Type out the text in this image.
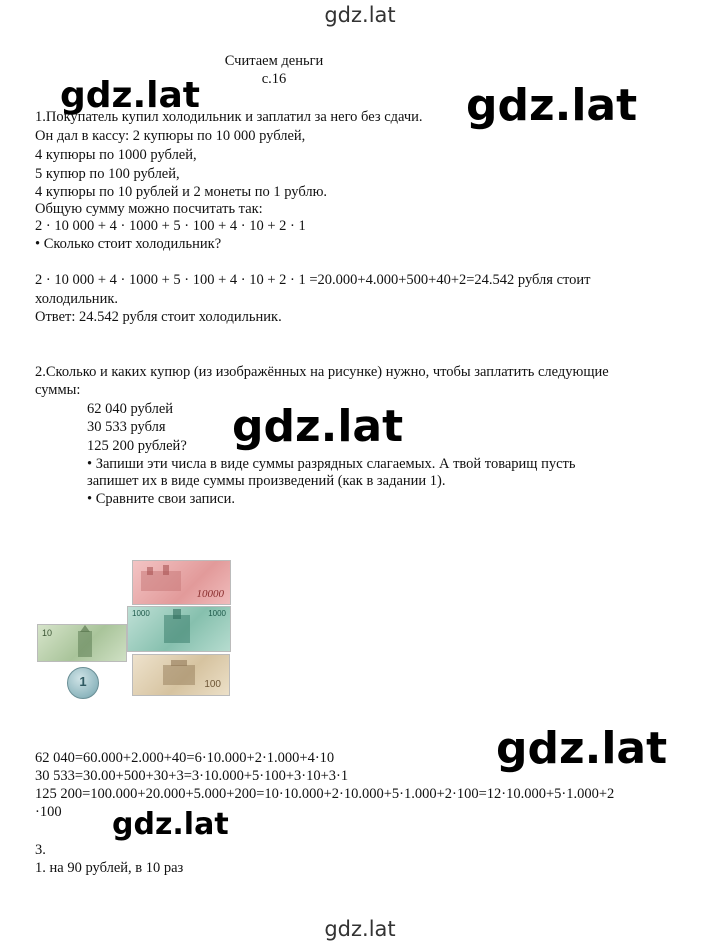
gdz.lat
Считаем деньги
с.16
1.Покупатель купил холодильник и заплатил за него без сдачи.
Он дал в кассу: 2 купюры по 10 000 рублей,
4 купюры по 1000 рублей,
5 купюр по 100 рублей,
4 купюры по 10 рублей и 2 монеты по 1 рублю.
Общую сумму можно посчитать так:
2 · 10 000 + 4 · 1000 + 5 · 100 + 4 · 10 + 2 · 1
• Сколько стоит холодильник?
2 · 10 000 + 4 · 1000 + 5 · 100 + 4 · 10 + 2 · 1 =20.000+4.000+500+40+2=24.542 рубля стоит
холодильник.
Ответ: 24.542 рубля стоит холодильник.
2.Сколько и каких купюр (из изображённых на рисунке) нужно, чтобы заплатить следующие
суммы:
62 040 рублей
30 533 рубля
125 200 рублей?
• Запиши эти числа в виде суммы разрядных слагаемых. А твой товарищ пусть
запишет их в виде суммы произведений (как в задании 1).
• Сравните свои записи.
10000
1000	1000
100
10
1
62 040=60.000+2.000+40=6·10.000+2·1.000+4·10
30 533=30.00+500+30+3=3·10.000+5·100+3·10+3·1
125 200=100.000+20.000+5.000+200=10·10.000+2·10.000+5·1.000+2·100=12·10.000+5·1.000+2
·100
3.
1. на 90 рублей, в 10 раз
gdz.lat	gdz.lat
gdz.lat
gdz.lat
gdz.lat
gdz.lat
